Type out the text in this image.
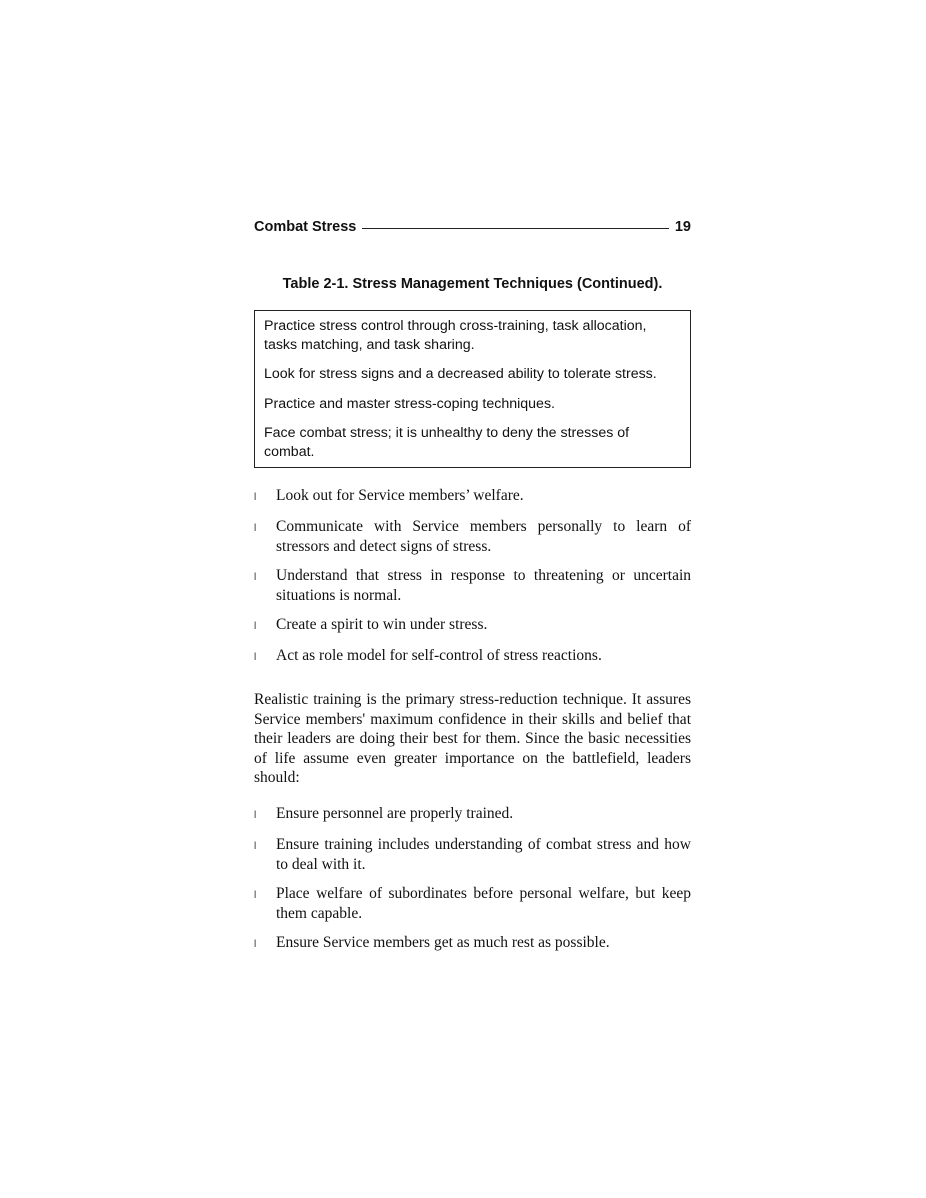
Combat Stress	19
Table 2-1. Stress Management Techniques (Continued).

Practice stress control through cross-training, task allocation, tasks matching, and task sharing.

Look for stress signs and a decreased ability to tolerate stress.

Practice and master stress-coping techniques.

Face combat stress; it is unhealthy to deny the stresses of combat.

l	Look out for Service members’ welfare.
l	Communicate with Service members personally to learn of stressors and detect signs of stress.
l	Understand that stress in response to threatening or uncertain situations is normal.
l	Create a spirit to win under stress.
l	Act as role model for self-control of stress reactions.

Realistic training is the primary stress-reduction technique. It assures Service members' maximum confidence in their skills and belief that their leaders are doing their best for them. Since the basic necessities of life assume even greater importance on the battlefield, leaders should:

l	Ensure personnel are properly trained.
l	Ensure training includes understanding of combat stress and how to deal with it.
l	Place welfare of subordinates before personal welfare, but keep them capable.
l	Ensure Service members get as much rest as possible.
